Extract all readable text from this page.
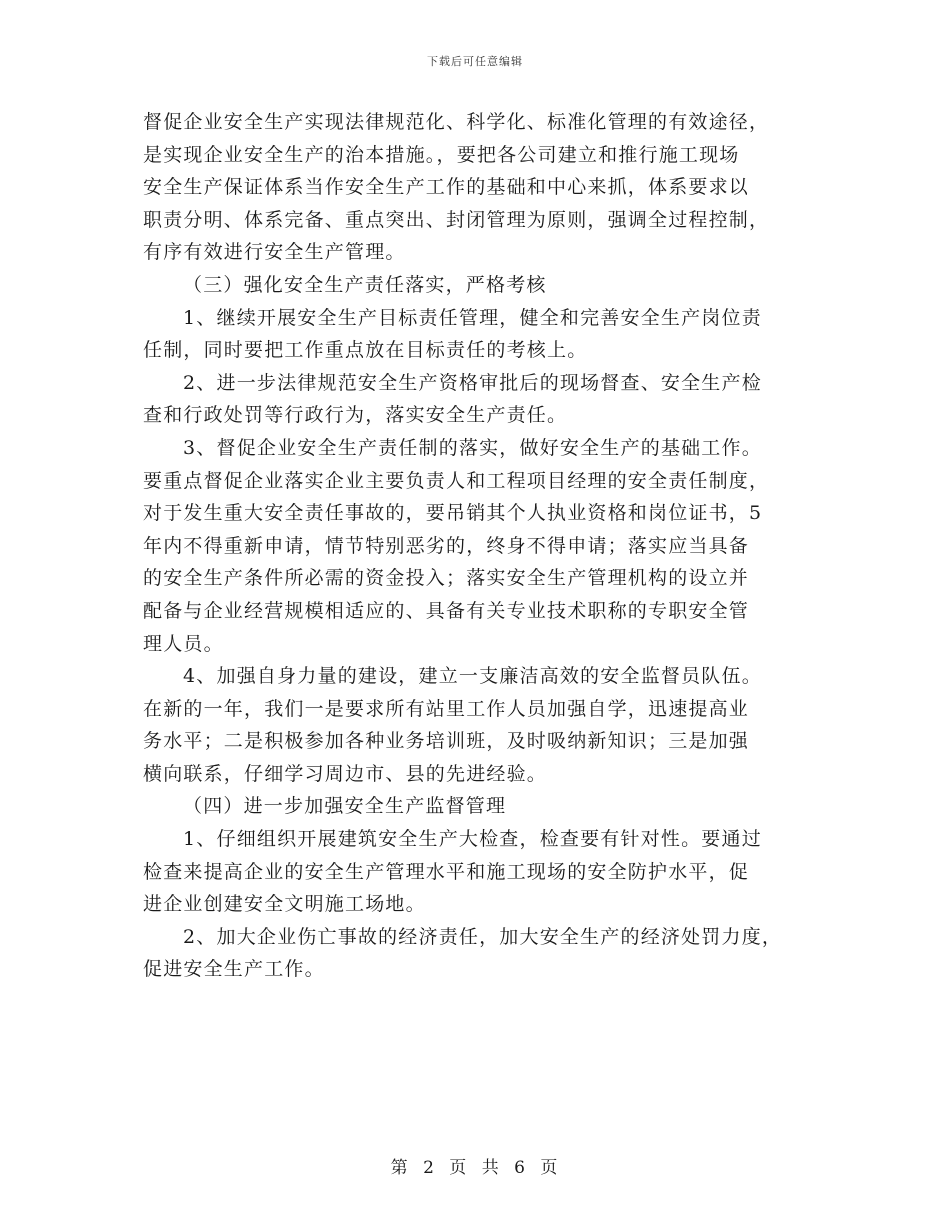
下载后可任意编辑
督促企业安全生产实现法律规范化、科学化、标准化管理的有效途径，
是实现企业安全生产的治本措施。，要把各公司建立和推行施工现场
安全生产保证体系当作安全生产工作的基础和中心来抓，体系要求以
职责分明、体系完备、重点突出、封闭管理为原则，强调全过程控制，
有序有效进行安全生产管理。
（三）强化安全生产责任落实，严格考核
1、继续开展安全生产目标责任管理，健全和完善安全生产岗位责
任制，同时要把工作重点放在目标责任的考核上。
2、进一步法律规范安全生产资格审批后的现场督查、安全生产检
查和行政处罚等行政行为，落实安全生产责任。
3、督促企业安全生产责任制的落实，做好安全生产的基础工作。
要重点督促企业落实企业主要负责人和工程项目经理的安全责任制度，
对于发生重大安全责任事故的，要吊销其个人执业资格和岗位证书，5
年内不得重新申请，情节特别恶劣的，终身不得申请；落实应当具备
的安全生产条件所必需的资金投入；落实安全生产管理机构的设立并
配备与企业经营规模相适应的、具备有关专业技术职称的专职安全管
理人员。
4、加强自身力量的建设，建立一支廉洁高效的安全监督员队伍。
在新的一年，我们一是要求所有站里工作人员加强自学，迅速提高业
务水平；二是积极参加各种业务培训班，及时吸纳新知识；三是加强
横向联系，仔细学习周边市、县的先进经验。
（四）进一步加强安全生产监督管理
1、仔细组织开展建筑安全生产大检查，检查要有针对性。要通过
检查来提高企业的安全生产管理水平和施工现场的安全防护水平，促
进企业创建安全文明施工场地。
2、加大企业伤亡事故的经济责任，加大安全生产的经济处罚力度，
促进安全生产工作。
第 2 页 共 6 页
